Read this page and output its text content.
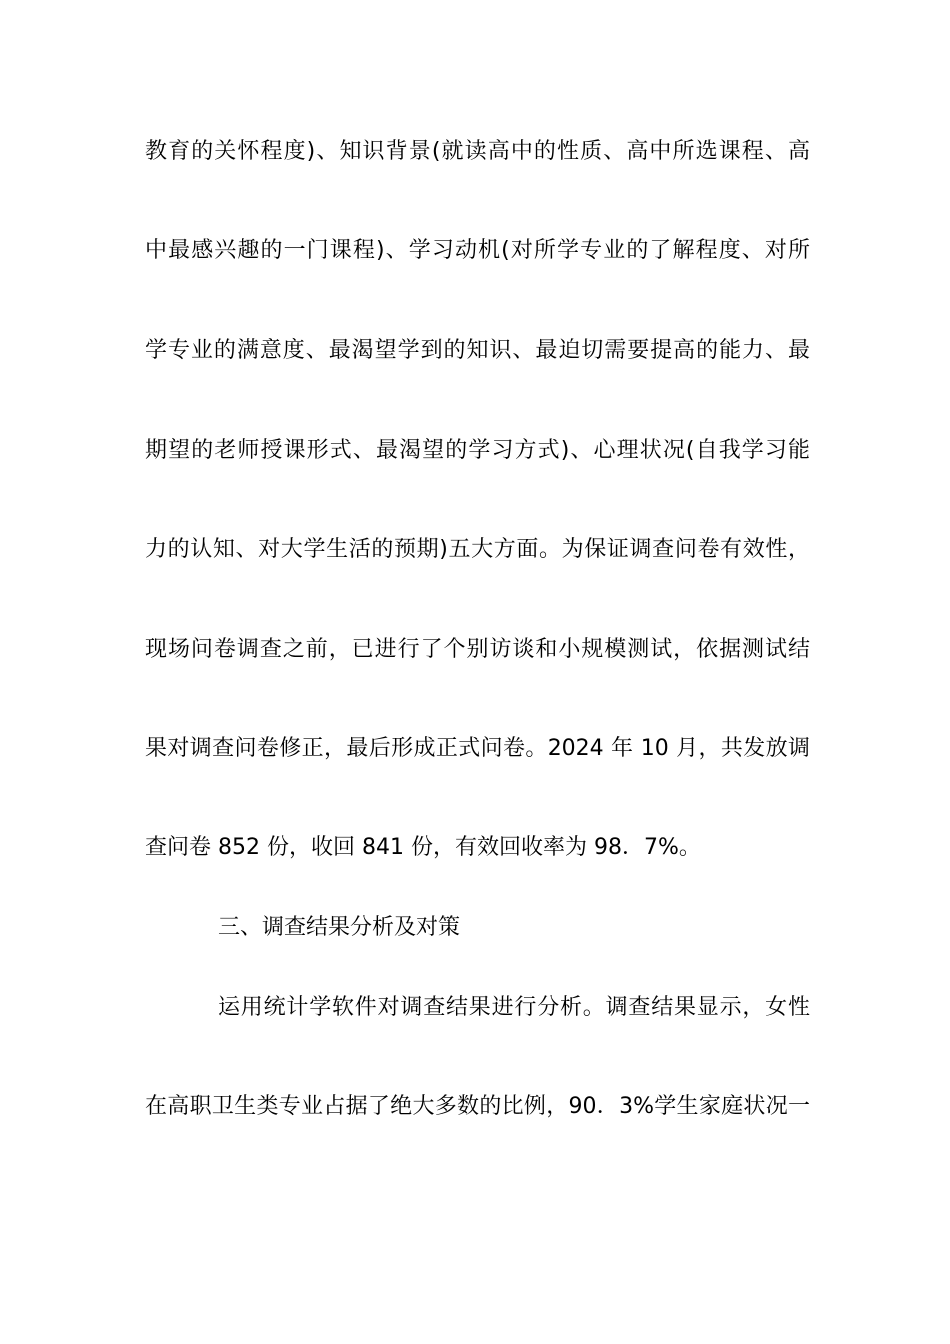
教育的关怀程度)、知识背景(就读高中的性质、高中所选课程、高
中最感兴趣的一门课程)、学习动机(对所学专业的了解程度、对所
学专业的满意度、最渴望学到的知识、最迫切需要提高的能力、最
期望的老师授课形式、最渴望的学习方式)、心理状况(自我学习能
力的认知、对大学生活的预期)五大方面。为保证调查问卷有效性，
现场问卷调查之前，已进行了个别访谈和小规模测试，依据测试结
果对调查问卷修正，最后形成正式问卷。2024 年 10 月，共发放调
查问卷 852 份，收回 841 份，有效回收率为 98．7%。
三、调查结果分析及对策
运用统计学软件对调查结果进行分析。调查结果显示，女性
在高职卫生类专业占据了绝大多数的比例，90．3%学生家庭状况一
